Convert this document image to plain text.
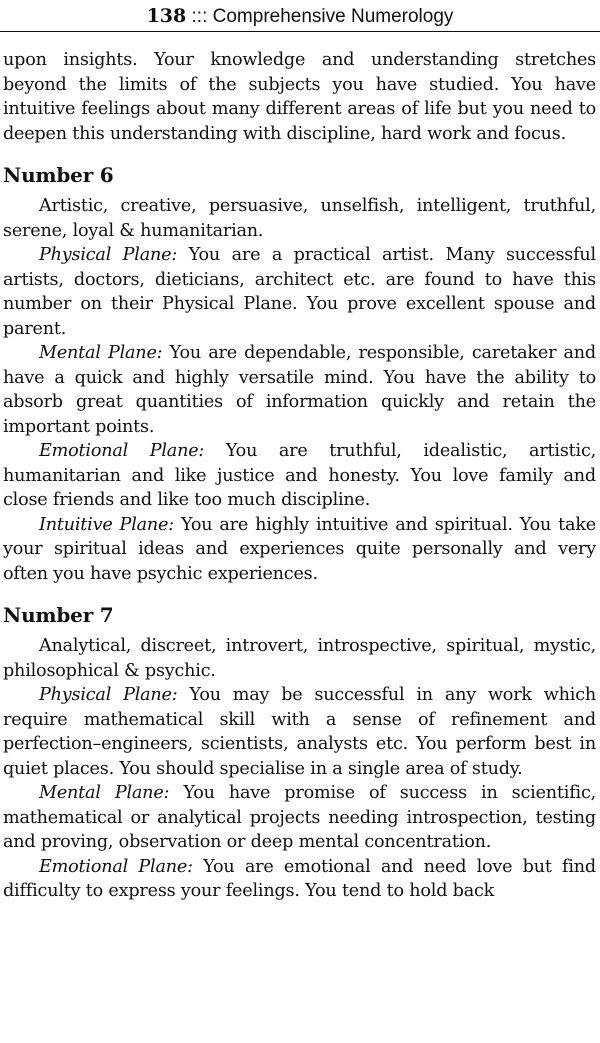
138 ::: Comprehensive Numerology

upon insights. Your knowledge and understanding stretches beyond the limits of the subjects you have studied. You have intuitive feelings about many different areas of life but you need to deepen this understanding with discipline, hard work and focus.

Number 6

Artistic, creative, persuasive, unselfish, intelligent, truthful, serene, loyal & humanitarian.

Physical Plane: You are a practical artist. Many successful artists, doctors, dieticians, architect etc. are found to have this number on their Physical Plane. You prove excellent spouse and parent.

Mental Plane: You are dependable, responsible, caretaker and have a quick and highly versatile mind. You have the ability to absorb great quantities of information quickly and retain the important points.

Emotional Plane: You are truthful, idealistic, artistic, humanitarian and like justice and honesty. You love family and close friends and like too much discipline.

Intuitive Plane: You are highly intuitive and spiritual. You take your spiritual ideas and experiences quite personally and very often you have psychic experiences.

Number 7

Analytical, discreet, introvert, introspective, spiritual, mystic, philosophical & psychic.

Physical Plane: You may be successful in any work which require mathematical skill with a sense of refinement and perfection–engineers, scientists, analysts etc. You perform best in quiet places. You should specialise in a single area of study.

Mental Plane: You have promise of success in scientific, mathematical or analytical projects needing introspection, testing and proving, observation or deep mental concentration.

Emotional Plane: You are emotional and need love but find difficulty to express your feelings. You tend to hold back
